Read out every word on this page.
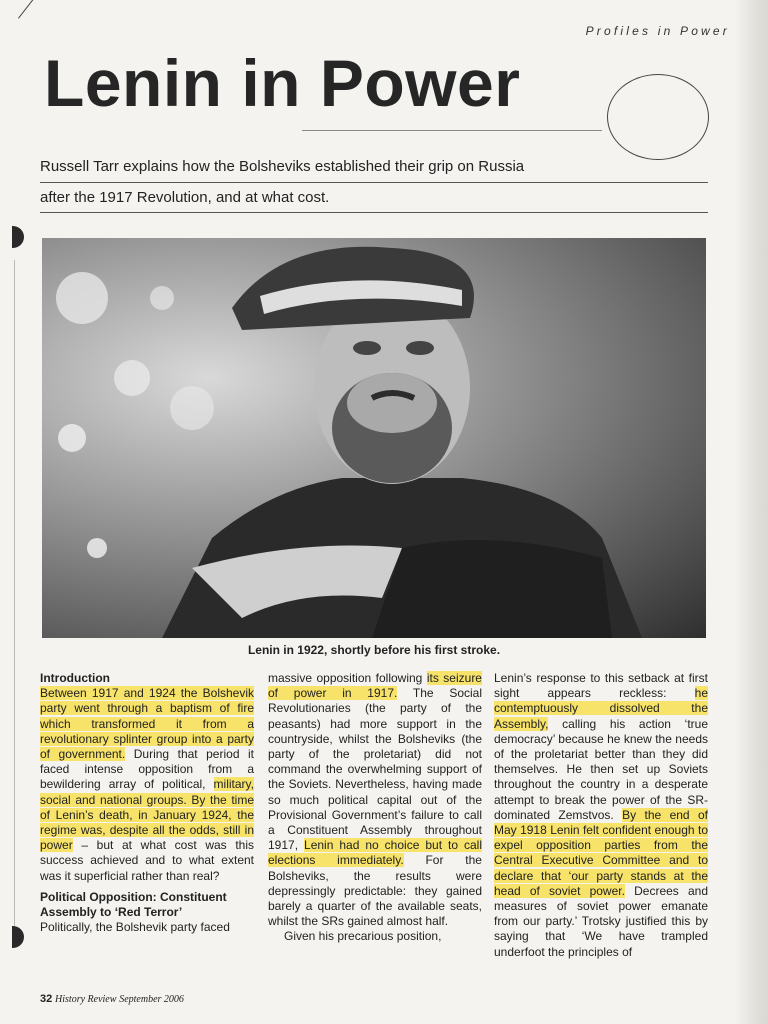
Profiles in Power
Lenin in Power
Russell Tarr explains how the Bolsheviks established their grip on Russia
after the 1917 Revolution, and at what cost.
Lenin in 1922, shortly before his first stroke.
Introduction

Between 1917 and 1924 the Bolshevik party went through a baptism of fire which transformed it from a revolutionary splinter group into a party of government. During that period it faced intense opposition from a bewildering array of political, military, social and national groups. By the time of Lenin’s death, in January 1924, the regime was, despite all the odds, still in power – but at what cost was this success achieved and to what extent was it superficial rather than real?

Political Opposition: Constituent Assembly to ‘Red Terror’

Politically, the Bolshevik party faced

massive opposition following its seizure of power in 1917. The Social Revolutionaries (the party of the peasants) had more support in the countryside, whilst the Bolsheviks (the party of the proletariat) did not command the overwhelming support of the Soviets. Nevertheless, having made so much political capital out of the Provisional Government’s failure to call a Constituent Assembly throughout 1917, Lenin had no choice but to call elections immediately. For the Bolsheviks, the results were depressingly predictable: they gained barely a quarter of the available seats, whilst the SRs gained almost half.

Given his precarious position,

Lenin’s response to this setback at first sight appears reckless: he contemptuously dissolved the Assembly, calling his action ‘true democracy’ because he knew the needs of the proletariat better than they did themselves. He then set up Soviets throughout the country in a desperate attempt to break the power of the SR-dominated Zemstvos. By the end of May 1918 Lenin felt confident enough to expel opposition parties from the Central Executive Committee and to declare that ‘our party stands at the head of soviet power. Decrees and measures of soviet power emanate from our party.’ Trotsky justified this by saying that ‘We have trampled underfoot the principles of

32 History Review September 2006
